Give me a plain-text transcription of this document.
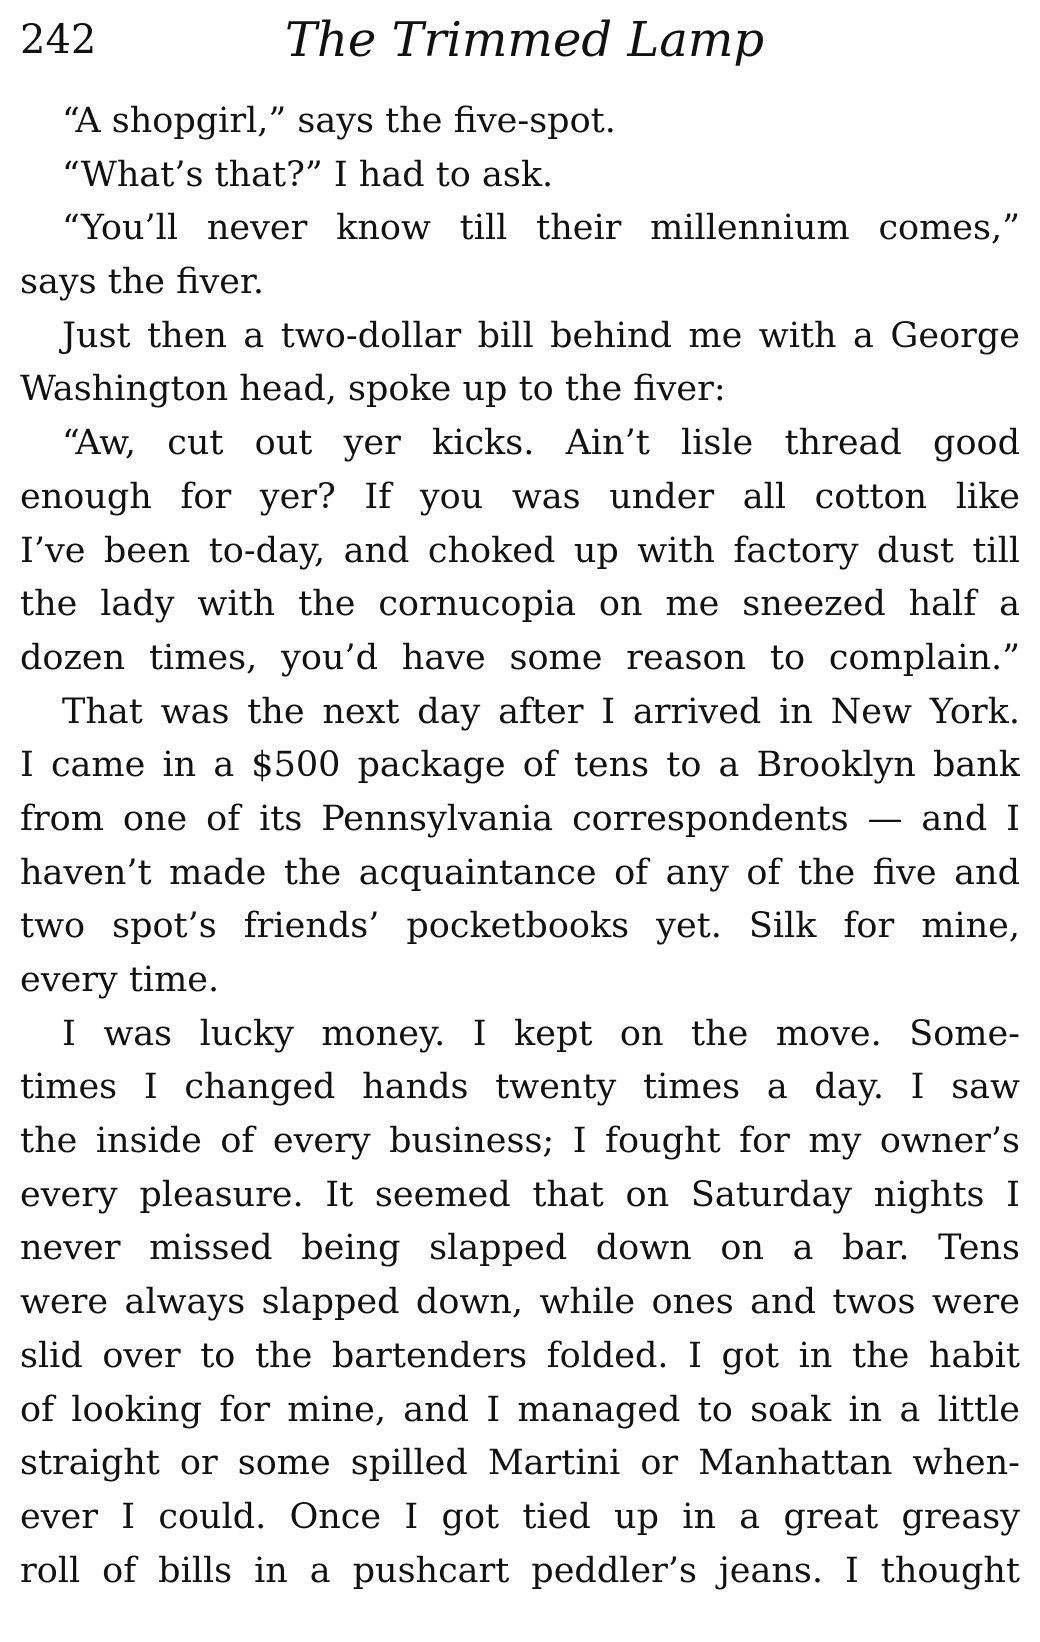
242	The Trimmed Lamp
“A shopgirl,” says the five-spot.
“What’s that?” I had to ask.
“You’ll never know till their millennium comes,”
says the fiver.
Just then a two-dollar bill behind me with a George
Washington head, spoke up to the fiver:
“Aw, cut out yer kicks. Ain’t lisle thread good
enough for yer? If you was under all cotton like
I’ve been to-day, and choked up with factory dust till
the lady with the cornucopia on me sneezed half a
dozen times, you’d have some reason to complain.”
That was the next day after I arrived in New York.
I came in a $500 package of tens to a Brooklyn bank
from one of its Pennsylvania correspondents — and I
haven’t made the acquaintance of any of the five and
two spot’s friends’ pocketbooks yet. Silk for mine,
every time.
I was lucky money. I kept on the move. Some-
times I changed hands twenty times a day. I saw
the inside of every business; I fought for my owner’s
every pleasure. It seemed that on Saturday nights I
never missed being slapped down on a bar. Tens
were always slapped down, while ones and twos were
slid over to the bartenders folded. I got in the habit
of looking for mine, and I managed to soak in a little
straight or some spilled Martini or Manhattan when-
ever I could. Once I got tied up in a great greasy
roll of bills in a pushcart peddler’s jeans. I thought
